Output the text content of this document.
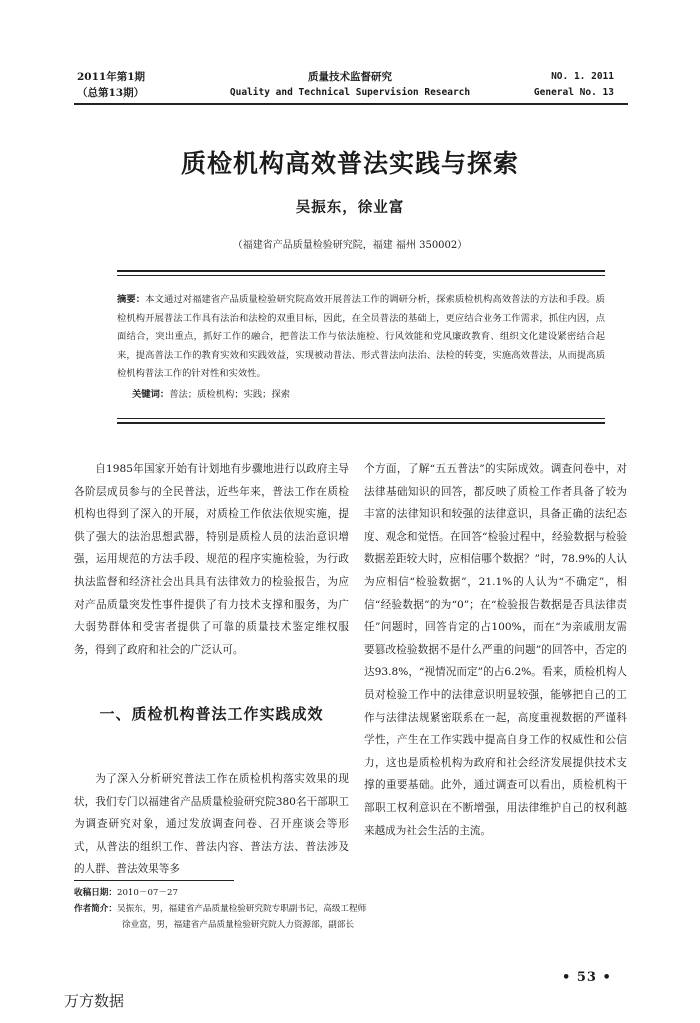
2011年第1期
（总第13期）
质量技术监督研究
Quality and Technical Supervision Research
NO. 1. 2011
General No. 13
质检机构高效普法实践与探索
吴振东，徐业富
（福建省产品质量检验研究院，福建 福州 350002）
摘要：本文通过对福建省产品质量检验研究院高效开展普法工作的调研分析，探索质检机构高效普法的方法和手段。质检机构开展普法工作具有法治和法检的双重目标，因此，在全员普法的基础上，更应结合业务工作需求，抓住内因，点面结合，突出重点，抓好工作的融合，把普法工作与依法施检、行风效能和党风廉政教育、组织文化建设紧密结合起来，提高普法工作的教育实效和实践效益，实现被动普法、形式普法向法治、法检的转变，实施高效普法，从而提高质检机构普法工作的针对性和实效性。
关键词：普法；质检机构；实践；探索

自1985年国家开始有计划地有步骤地进行以政府主导各阶层成员参与的全民普法，近些年来，普法工作在质检机构也得到了深入的开展，对质检工作依法依规实施，提供了强大的法治思想武器，特别是质检人员的法治意识增强，运用规范的方法手段、规范的程序实施检验，为行政执法监督和经济社会出具具有法律效力的检验报告，为应对产品质量突发性事件提供了有力技术支撑和服务，为广大弱势群体和受害者提供了可靠的质量技术鉴定维权服务，得到了政府和社会的广泛认可。

一、质检机构普法工作实践成效

为了深入分析研究普法工作在质检机构落实效果的现状，我们专门以福建省产品质量检验研究院380名干部职工为调查研究对象，通过发放调查问卷、召开座谈会等形式，从普法的组织工作、普法内容、普法方法、普法涉及的人群、普法效果等多

个方面，了解“五五普法”的实际成效。调查问卷中，对法律基础知识的回答，都反映了质检工作者具备了较为丰富的法律知识和较强的法律意识，具备正确的法纪态度、观念和觉悟。在回答“检验过程中，经验数据与检验数据差距较大时，应相信哪个数据？”时，78.9%的人认为应相信“检验数据”，21.1%的人认为“不确定”，相信“经验数据”的为“0”；在“检验报告数据是否具法律责任”问题时，回答肯定的占100%，而在“为亲戚朋友需要篡改检验数据不是什么严重的问题”的回答中，否定的达93.8%，“视情况而定”的占6.2%。看来，质检机构人员对检验工作中的法律意识明显较强，能够把自己的工作与法律法规紧密联系在一起，高度重视数据的严谨科学性，产生在工作实践中提高自身工作的权威性和公信力，这也是质检机构为政府和社会经济发展提供技术支撑的重要基础。此外，通过调查可以看出，质检机构干部职工权利意识在不断增强，用法律维护自己的权利越来越成为社会生活的主流。

收稿日期：2010－07－27
作者简介：吴振东，男，福建省产品质量检验研究院专职副书记，高级工程师
徐业富，男，福建省产品质量检验研究院人力资源部，副部长
• 53 •
万方数据
